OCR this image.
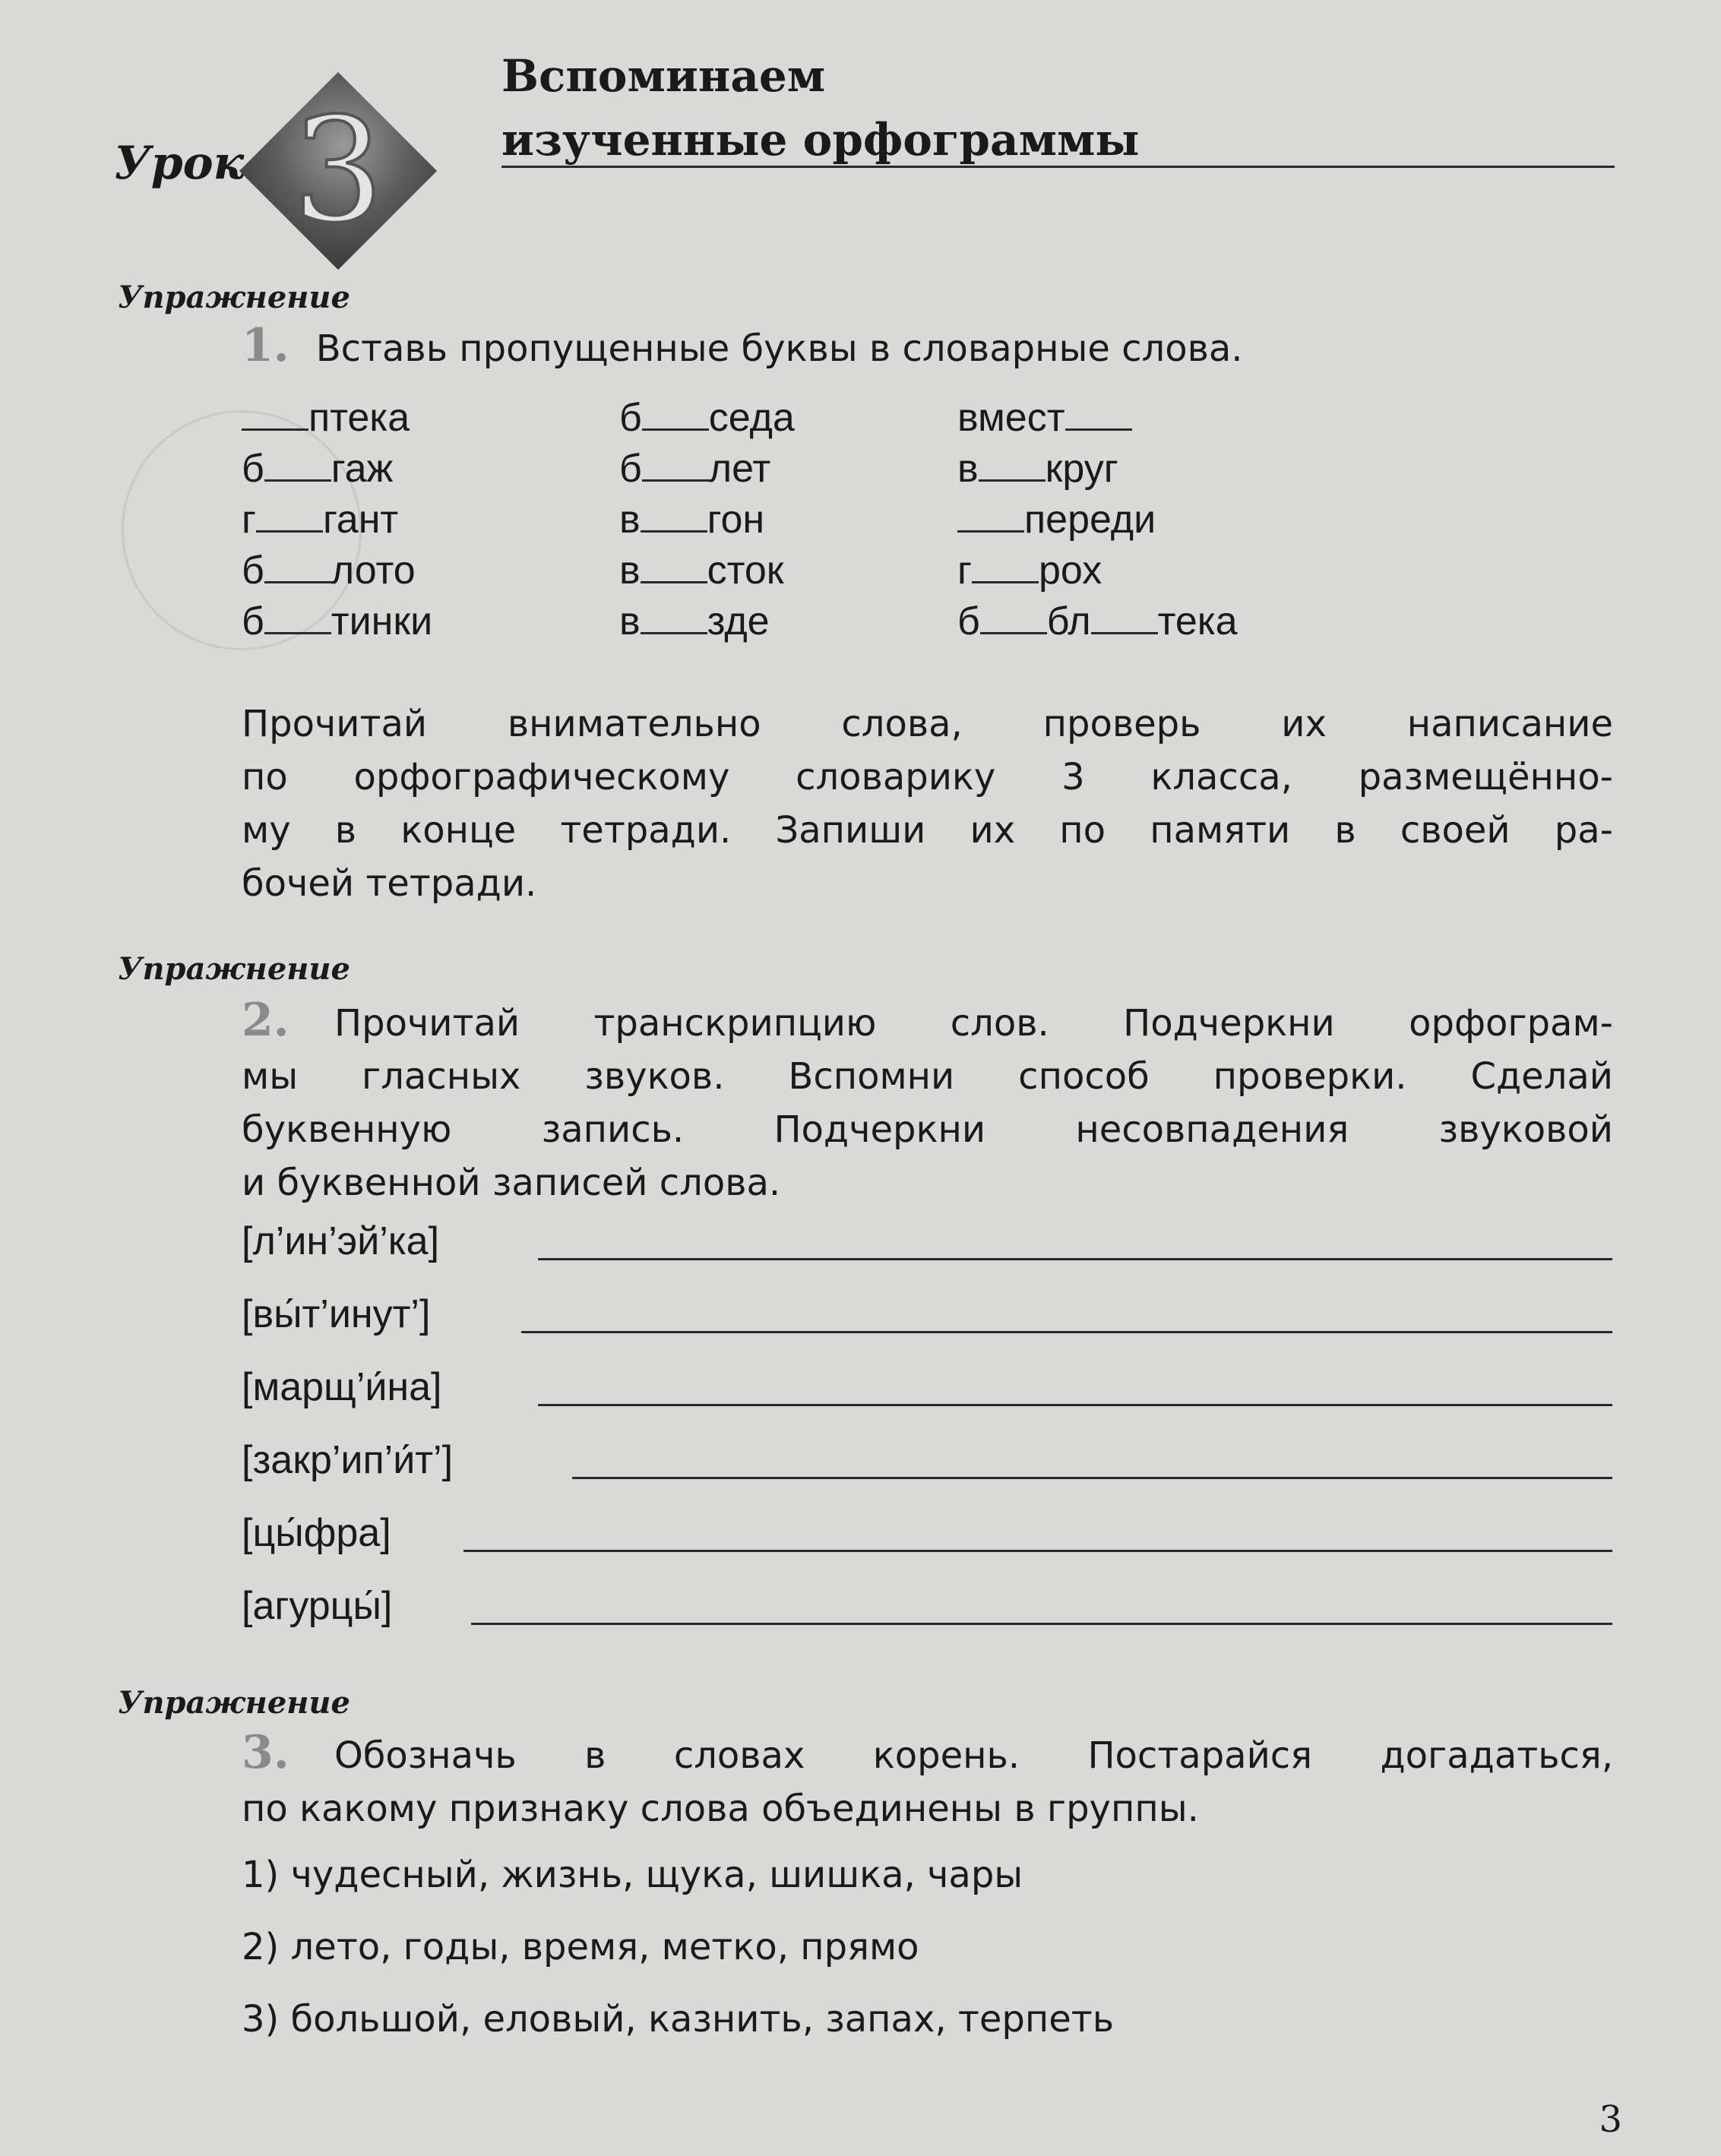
Урок 3
Вспоминаем
изученные орфограммы
Упражнение
1. Вставь пропущенные буквы в словарные слова.
птека	б седа	вмест
б гаж	б лет	в круг
г гант	в гон	переди
б лото	в сток	г рох
б тинки	в зде	б бл тека
Прочитай внимательно слова, проверь их написание
по орфографическому словарику 3 класса, размещённо-
му в конце тетради. Запиши их по памяти в своей ра-
бочей тетради.
Упражнение
2. Прочитай транскрипцию слов. Подчеркни орфограм-
мы гласных звуков. Вспомни способ проверки. Сделай
буквенную запись. Подчеркни несовпадения звуковой
и буквенной записей слова.
[л’ин’эй’ка]
[вы́т’инут’]
[марщ’и́на]
[закр’ип’и́т’]
[цы́фра]
[агурцы́]
Упражнение
3. Обозначь в словах корень. Постарайся догадаться,
по какому признаку слова объединены в группы.
1) чудесный, жизнь, щука, шишка, чары
2) лето, годы, время, метко, прямо
3) большой, еловый, казнить, запах, терпеть
3
